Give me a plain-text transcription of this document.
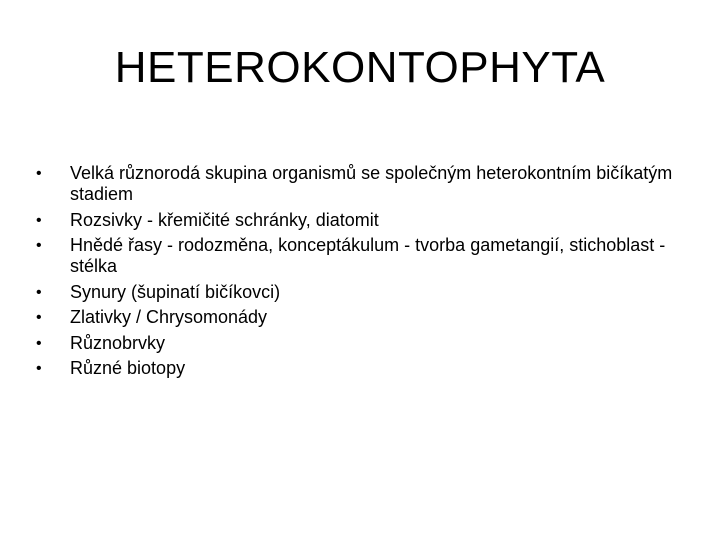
HETEROKONTOPHYTA
• Velká různorodá skupina organismů se společným heterokontním bičíkatým stadiem
• Rozsivky - křemičité schránky, diatomit
• Hnědé řasy - rodozměna, konceptákulum - tvorba gametangií, stichoblast - stélka
• Synury (šupinatí bičíkovci)
• Zlativky / Chrysomonády
• Různobrvky
• Různé biotopy
